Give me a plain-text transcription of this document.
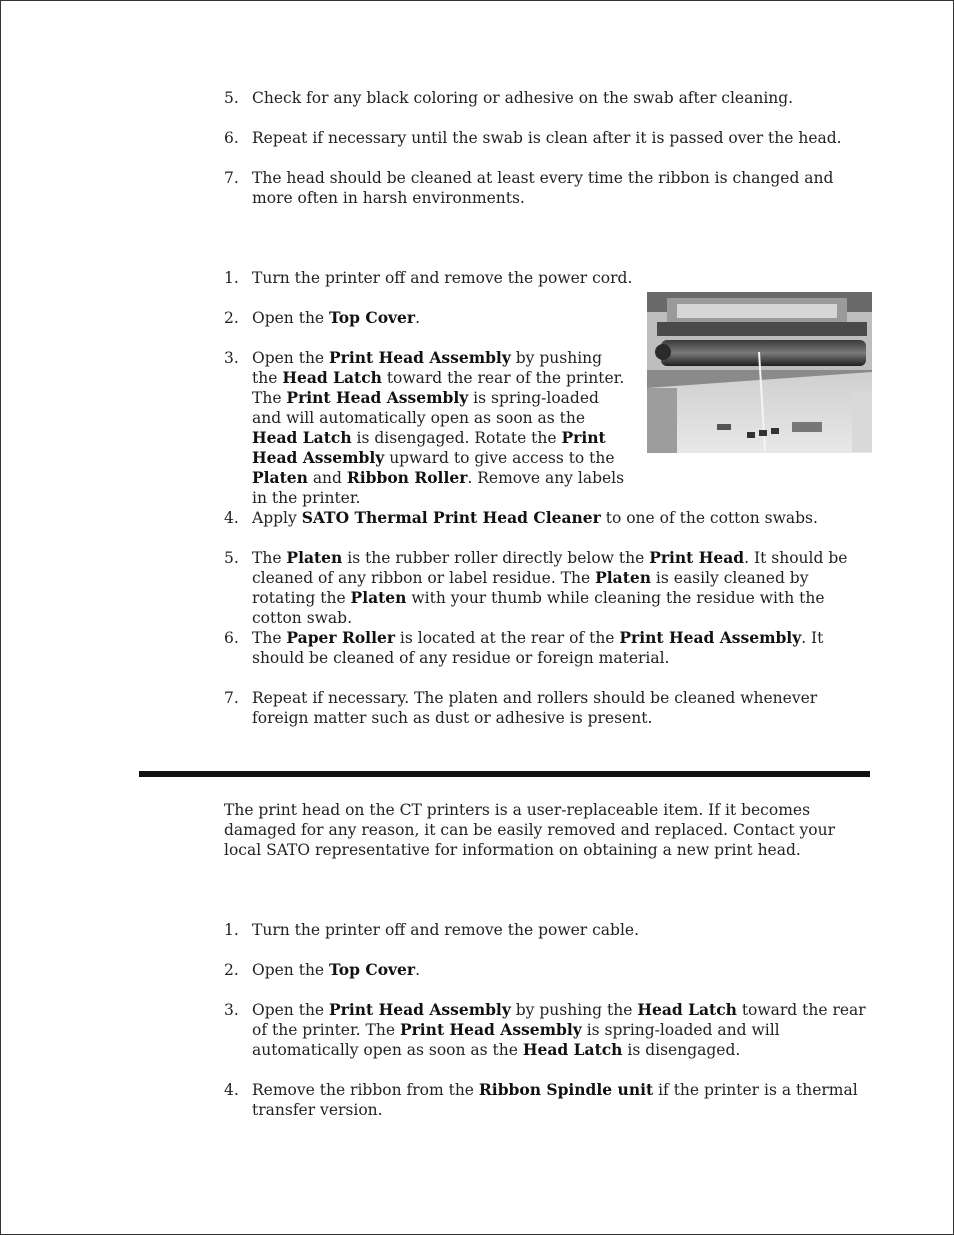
5. Check for any black coloring or adhesive on the swab after cleaning.
6. Repeat if necessary until the swab is clean after it is passed over the head.
7. The head should be cleaned at least every time the ribbon is changed and more often in harsh environments.
1. Turn the printer off and remove the power cord.
2. Open the Top Cover.
3. Open the Print Head Assembly by pushing the Head Latch toward the rear of the printer. The Print Head Assembly is spring-loaded and will automatically open as soon as the Head Latch is disengaged. Rotate the Print Head Assembly upward to give access to the Platen and Ribbon Roller. Remove any labels in the printer.
4. Apply SATO Thermal Print Head Cleaner to one of the cotton swabs.
5. The Platen is the rubber roller directly below the Print Head. It should be cleaned of any ribbon or label residue. The Platen is easily cleaned by rotating the Platen with your thumb while cleaning the residue with the cotton swab.
6. The Paper Roller is located at the rear of the Print Head Assembly. It should be cleaned of any residue or foreign material.
7. Repeat if necessary. The platen and rollers should be cleaned whenever foreign matter such as dust or adhesive is present.
The print head on the CT printers is a user-replaceable item. If it becomes damaged for any reason, it can be easily removed and replaced. Contact your local SATO representative for information on obtaining a new print head.
1. Turn the printer off and remove the power cable.
2. Open the Top Cover.
3. Open the Print Head Assembly by pushing the Head Latch toward the rear of the printer. The Print Head Assembly is spring-loaded and will automatically open as soon as the Head Latch is disengaged.
4. Remove the ribbon from the Ribbon Spindle unit if the printer is a thermal transfer version.
